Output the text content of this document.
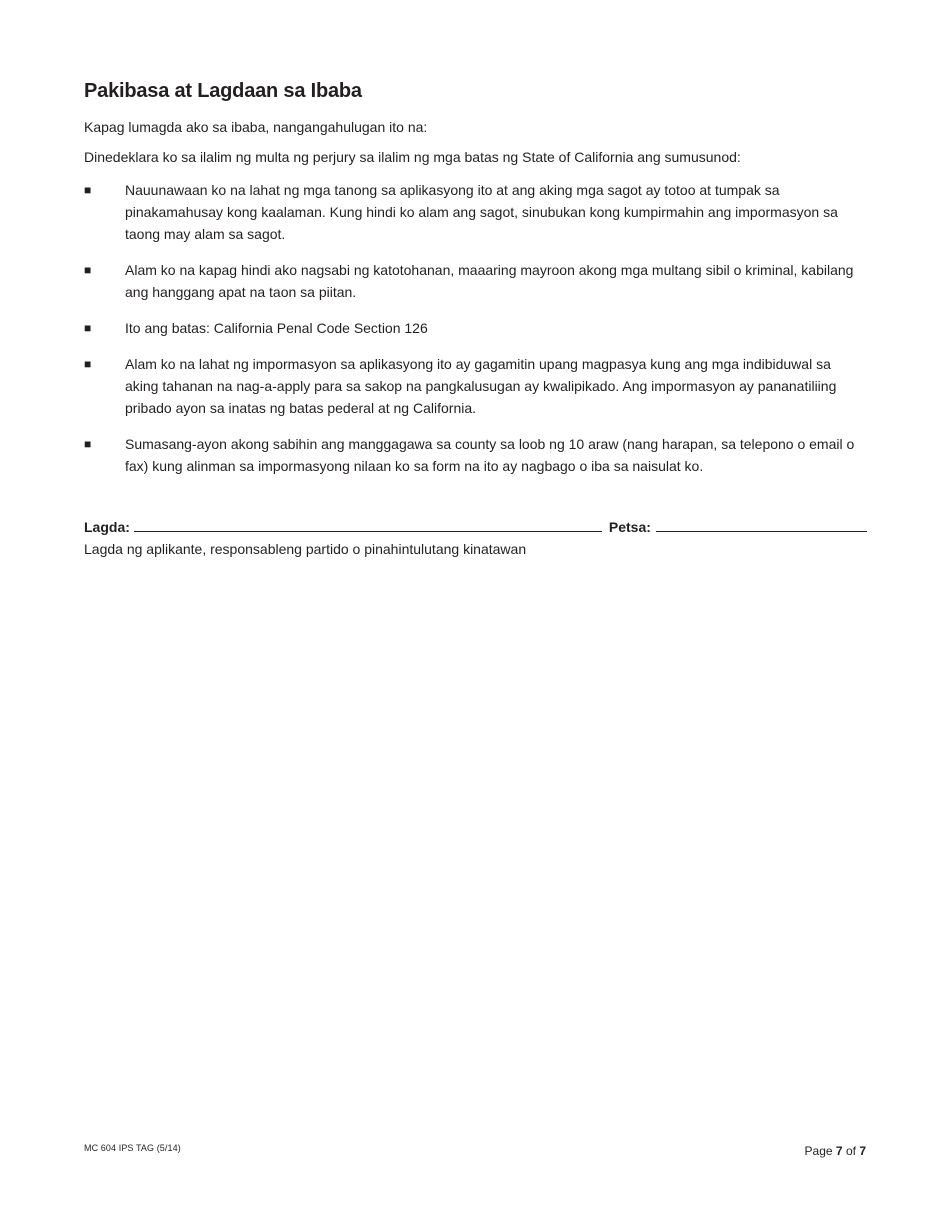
Pakibasa at Lagdaan sa Ibaba

Kapag lumagda ako sa ibaba, nangangahulugan ito na:

Dinedeklara ko sa ilalim ng multa ng perjury sa ilalim ng mga batas ng State of California ang sumusunod:

■	Nauunawaan ko na lahat ng mga tanong sa aplikasyong ito at ang aking mga sagot ay totoo at tumpak sa pinakamahusay kong kaalaman. Kung hindi ko alam ang sagot, sinubukan kong kumpirmahin ang impormasyon sa taong may alam sa sagot.
■	Alam ko na kapag hindi ako nagsabi ng katotohanan, maaaring mayroon akong mga multang sibil o kriminal, kabilang ang hanggang apat na taon sa piitan.
■	Ito ang batas: California Penal Code Section 126
■	Alam ko na lahat ng impormasyon sa aplikasyong ito ay gagamitin upang magpasya kung ang mga indibiduwal sa aking tahanan na nag-a-apply para sa sakop na pangkalusugan ay kwalipikado. Ang impormasyon ay pananatiliing pribado ayon sa inatas ng batas pederal at ng California.
■	Sumasang-ayon akong sabihin ang manggagawa sa county sa loob ng 10 araw (nang harapan, sa telepono o email o fax) kung alinman sa impormasyong nilaan ko sa form na ito ay nagbago o iba sa naisulat ko.
Lagda:	Petsa:

Lagda ng aplikante, responsableng partido o pinahintulutang kinatawan

MC 604 IPS TAG (5/14)	Page 7 of 7
